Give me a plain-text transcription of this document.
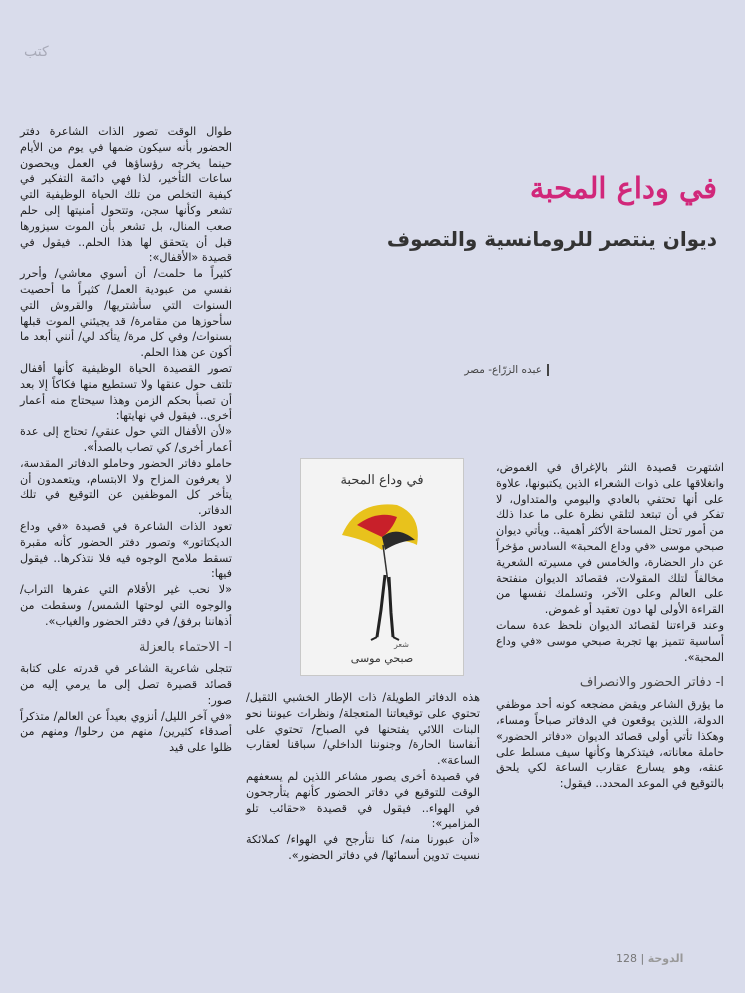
كتب

طوال الوقت تصور الذات الشاعرة دفتر الحضور بأنه سيكون ضمها في يوم من الأيام حينما يخرجه رؤساؤها في العمل ويحصون ساعات التأخير، لذا فهي دائمة التفكير في كيفية التخلص من تلك الحياة الوظيفية التي تشعر وكأنها سجن، وتتحول أمنيتها إلى حلم صعب المنال، بل تشعر بأن الموت سيزورها قبل أن يتحقق لها هذا الحلم.. فيقول في قصيدة «الأقفال»:

كثيراً ما حلمت/ أن أسوي معاشي/ وأحرر نفسي من عبودية العمل/ كثيراً ما أحصيت السنوات التي سأشتريها/ والقروش التي سأحوزها من مقامرة/ قد يجيئني الموت قبلها بسنوات/ وفي كل مرة/ يتأكد لي/ أنني أبعد ما أكون عن هذا الحلم.

تصور القصيدة الحياة الوظيفية كأنها أقفال تلتف حول عنقها ولا تستطيع منها فكاكاً إلا بعد أن تصبأ بحكم الزمن وهذا سيحتاج منه أعمار أخرى.. فيقول في نهايتها:

«لأن الأقفال التي حول عنقي/ تحتاج إلى عدة أعمار أخرى/ كي تصاب بالصدأ».

حاملو دفاتر الحضور وحاملو الدفاتر المقدسة، لا يعرفون المزاح ولا الابتسام، ويتعمدون أن يتأخر كل الموظفين عن التوقيع في تلك الدفاتر.

تعود الذات الشاعرة في قصيدة «في وداع الديكتاتور» وتصور دفتر الحضور كأنه مقبرة تسقط ملامح الوجوه فيه فلا نتذكرها.. فيقول فيها:

«لا نحب غير الأقلام التي عفرها التراب/ والوجوه التي لوحتها الشمس/ وسقطت من أذهاننا برفق/ في دفتر الحضور والغياب».

ا- الاحتماء بالعزلة

تتجلى شاعرية الشاعر في قدرته على كتابة قصائد قصيرة تصل إلى ما يرمي إليه من صور:

«في آخر الليل/ أنزوي بعيداً عن العالم/ متذكراً أصدقاء كثيرين/ منهم من رحلوا/ ومنهم من ظلوا على قيد

في وداع المحبة
ديوان ينتصر للرومانسية والتصوف
عبده الزرّاع- مصر
في وداع المحبة
شعر
صبحي موسى

هذه الدفاتر الطويلة/ ذات الإطار الخشبي الثقيل/ تحتوي على توقيعاتنا المتعجلة/ ونظرات عيوننا نحو البنات اللائي يفتحنها في الصباح/ تحتوي على أنفاسنا الحارة/ وجنوننا الداخلي/ سباقنا لعقارب الساعة».

في قصيدة أخرى يصور مشاعر اللذين لم يسعفهم الوقت للتوقيع في دفاتر الحضور كأنهم يتأرجحون في الهواء.. فيقول في قصيدة «حقائب تلو المزامير»:

«أن عبورنا منه/ كنا نتأرجح في الهواء/ كملائكة نسيت تدوين أسمائها/ في دفاتر الحضور».

اشتهرت قصيدة النثر بالإغراق في الغموض، وانغلاقها على ذوات الشعراء الذين يكتبونها، علاوة على أنها تحتفي بالعادي واليومي والمتداول، لا تفكر في أن تبتعد لتلقي نظرة على ما عدا ذلك من أمور تحتل المساحة الأكثر أهمية.. ويأتي ديوان صبحي موسى «في وداع المحبة» السادس مؤخراً عن دار الحضارة، والخامس في مسيرته الشعرية مخالفاً لتلك المقولات، فقصائد الديوان منفتحة على العالم وعلى الآخر، وتسلمك نفسها من القراءة الأولى لها دون تعقيد أو غموض.

وعند قراءتنا لقصائد الديوان نلحظ عدة سمات أساسية تتميز بها تجربة صبحي موسى «في وداع المحبة».

ا- دفاتر الحضور والانصراف

ما يؤرق الشاعر ويقض مضجعه كونه أحد موظفي الدولة، اللذين يوقعون في الدفاتر صباحاً ومساء، وهكذا تأتي أولى قصائد الديوان «دفاتر الحضور» حاملة معاناته، فيتذكرها وكأنها سيف مسلط على عنقه، وهو يسارع عقارب الساعة لكي يلحق بالتوقيع في الموعد المحدد.. فيقول:

الدوحة | 128
